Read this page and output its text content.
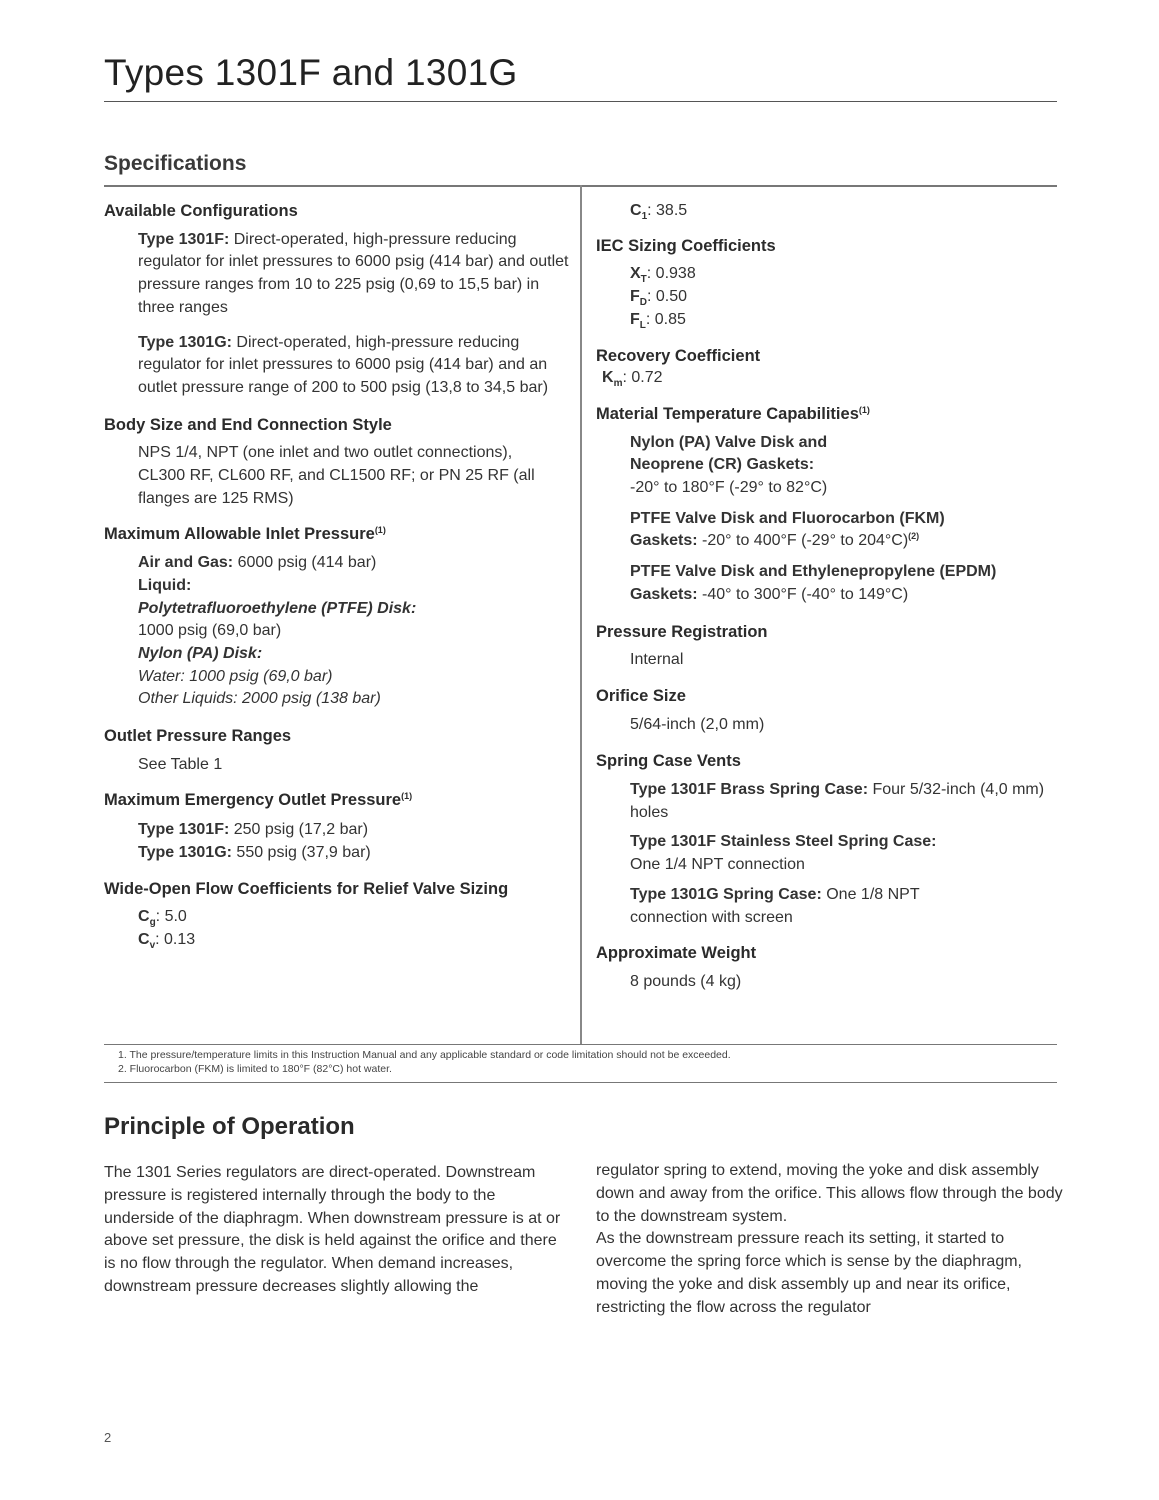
Types 1301F and 1301G
Specifications

Available Configurations

Type 1301F: Direct-operated, high-pressure reducing regulator for inlet pressures to 6000 psig (414 bar) and outlet pressure ranges from 10 to 225 psig (0,69 to 15,5 bar) in three ranges

Type 1301G: Direct-operated, high-pressure reducing regulator for inlet pressures to 6000 psig (414 bar) and an outlet pressure range of 200 to 500 psig (13,8 to 34,5 bar)

Body Size and End Connection Style

NPS 1/4, NPT (one inlet and two outlet connections), CL300 RF, CL600 RF, and CL1500 RF; or PN 25 RF (all flanges are 125 RMS)

Maximum Allowable Inlet Pressure$^{(1)}$

Air and Gas: 6000 psig (414 bar)
Liquid:
Polytetrafluoroethylene (PTFE) Disk:
1000 psig (69,0 bar)
Nylon (PA) Disk:
Water: 1000 psig (69,0 bar)
Other Liquids: 2000 psig (138 bar)

Outlet Pressure Ranges

See Table 1

Maximum Emergency Outlet Pressure$^{(1)}$

Type 1301F: 250 psig (17,2 bar)
Type 1301G: 550 psig (37,9 bar)

Wide-Open Flow Coefficients for Relief Valve Sizing

$C_g$: 5.0
$C_v$: 0.13
$C_1$: 38.5

IEC Sizing Coefficients

$X_T$: 0.938
$F_D$: 0.50
$F_L$: 0.85

Recovery Coefficient

$K_m$: 0.72

Material Temperature Capabilities$^{(1)}$

Nylon (PA) Valve Disk and Neoprene (CR) Gaskets:
-20° to 180°F (-29° to 82°C)
PTFE Valve Disk and Fluorocarbon (FKM)
Gaskets: -20° to 400°F (-29° to 204°C)$^{(2)}$
PTFE Valve Disk and Ethylenepropylene (EPDM)
Gaskets: -40° to 300°F (-40° to 149°C)

Pressure Registration

Internal

Orifice Size

5/64-inch (2,0 mm)

Spring Case Vents

Type 1301F Brass Spring Case: Four 5/32-inch (4,0 mm) holes
Type 1301F Stainless Steel Spring Case:
One 1/4 NPT connection
Type 1301G Spring Case: One 1/8 NPT connection with screen

Approximate Weight

8 pounds (4 kg)

1. The pressure/temperature limits in this Instruction Manual and any applicable standard or code limitation should not be exceeded.
2. Fluorocarbon (FKM) is limited to 180°F (82°C) hot water.
Principle of Operation
The 1301 Series regulators are direct-operated. Downstream pressure is registered internally through the body to the underside of the diaphragm. When downstream pressure is at or above set pressure, the disk is held against the orifice and there is no flow through the regulator. When demand increases, downstream pressure decreases slightly allowing the
regulator spring to extend, moving the yoke and disk assembly down and away from the orifice. This allows flow through the body to the downstream system.
As the downstream pressure reach its setting, it started to overcome the spring force which is sense by the diaphragm, moving the yoke and disk assembly up and near its orifice, restricting the flow across the regulator
2
